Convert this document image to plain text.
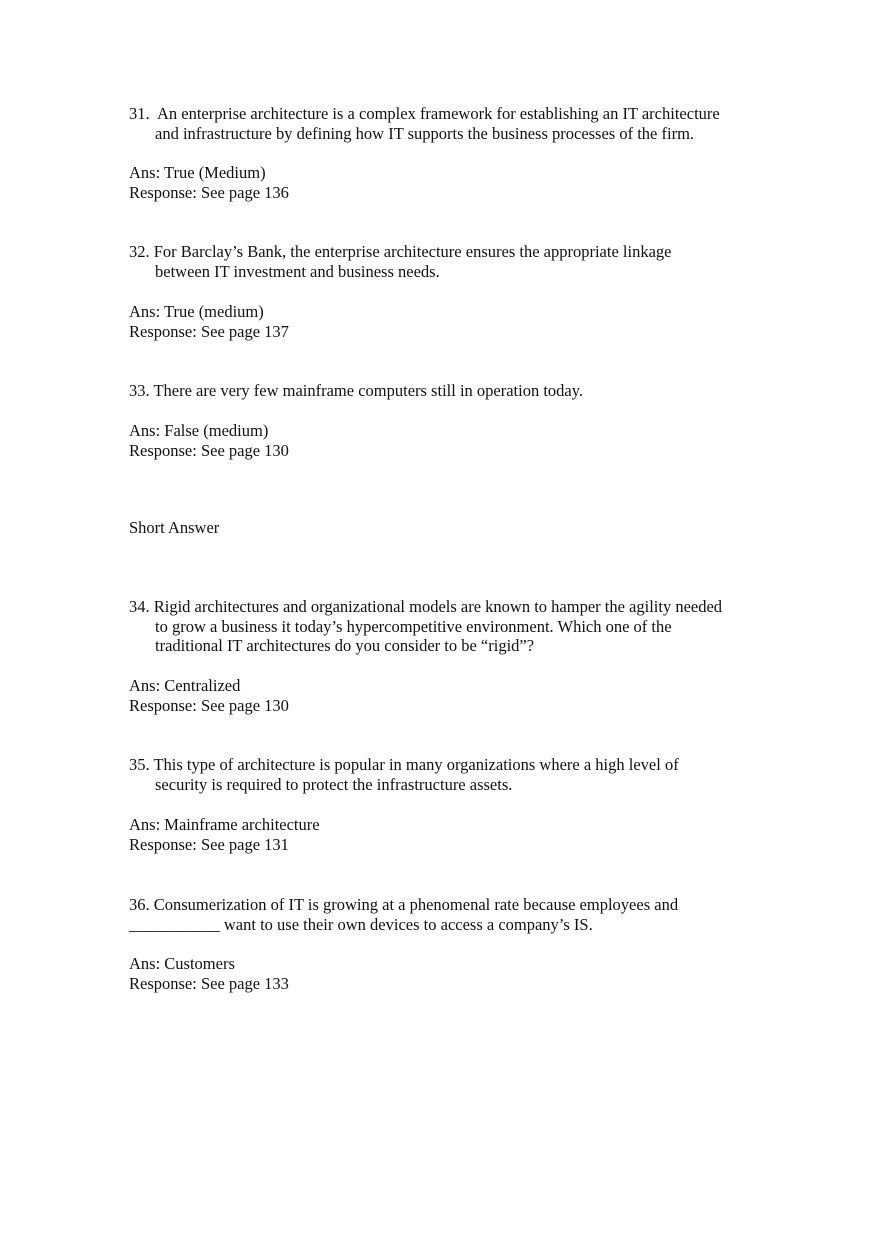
31. An enterprise architecture is a complex framework for establishing an IT architecture
and infrastructure by defining how IT supports the business processes of the firm.
Ans: True (Medium)
Response: See page 136
32. For Barclay’s Bank, the enterprise architecture ensures the appropriate linkage
between IT investment and business needs.
Ans: True (medium)
Response: See page 137
33. There are very few mainframe computers still in operation today.
Ans: False (medium)
Response: See page 130
Short Answer
34. Rigid architectures and organizational models are known to hamper the agility needed
to grow a business it today’s hypercompetitive environment. Which one of the
traditional IT architectures do you consider to be “rigid”?
Ans: Centralized
Response: See page 130
35. This type of architecture is popular in many organizations where a high level of
security is required to protect the infrastructure assets.
Ans: Mainframe architecture
Response: See page 131
36. Consumerization of IT is growing at a phenomenal rate because employees and
___________ want to use their own devices to access a company’s IS.
Ans: Customers
Response: See page 133
